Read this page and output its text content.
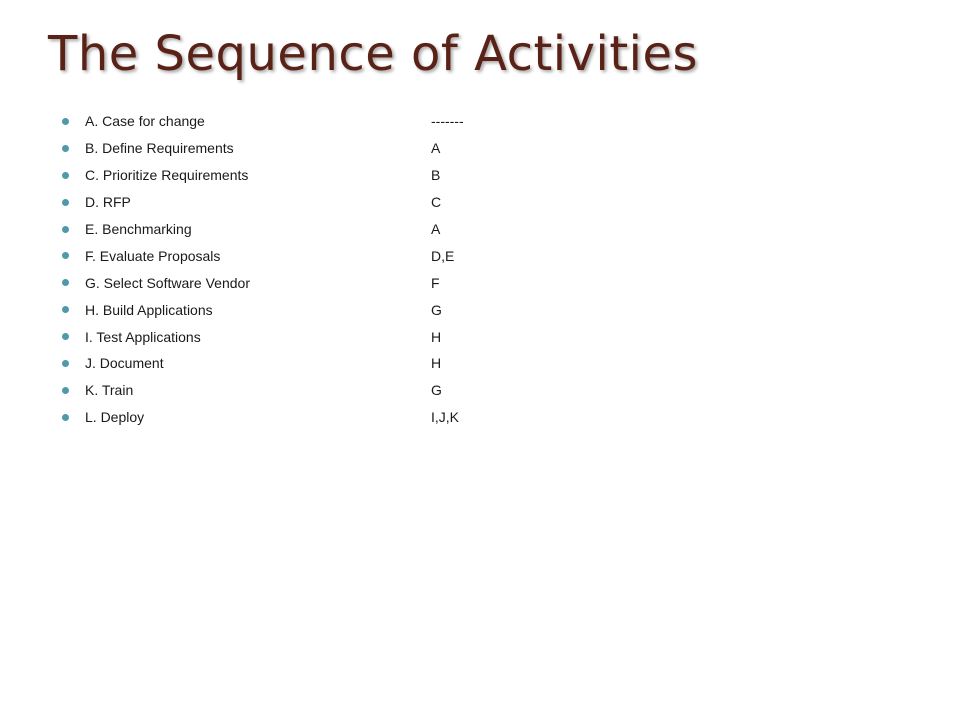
The Sequence of Activities
A. Case for change	-------
B. Define Requirements	A
C. Prioritize Requirements	B
D. RFP	C
E. Benchmarking	A
F. Evaluate Proposals	D,E
G. Select Software Vendor	F
H. Build Applications	G
I. Test Applications	H
J. Document	H
K. Train	G
L. Deploy	I,J,K
